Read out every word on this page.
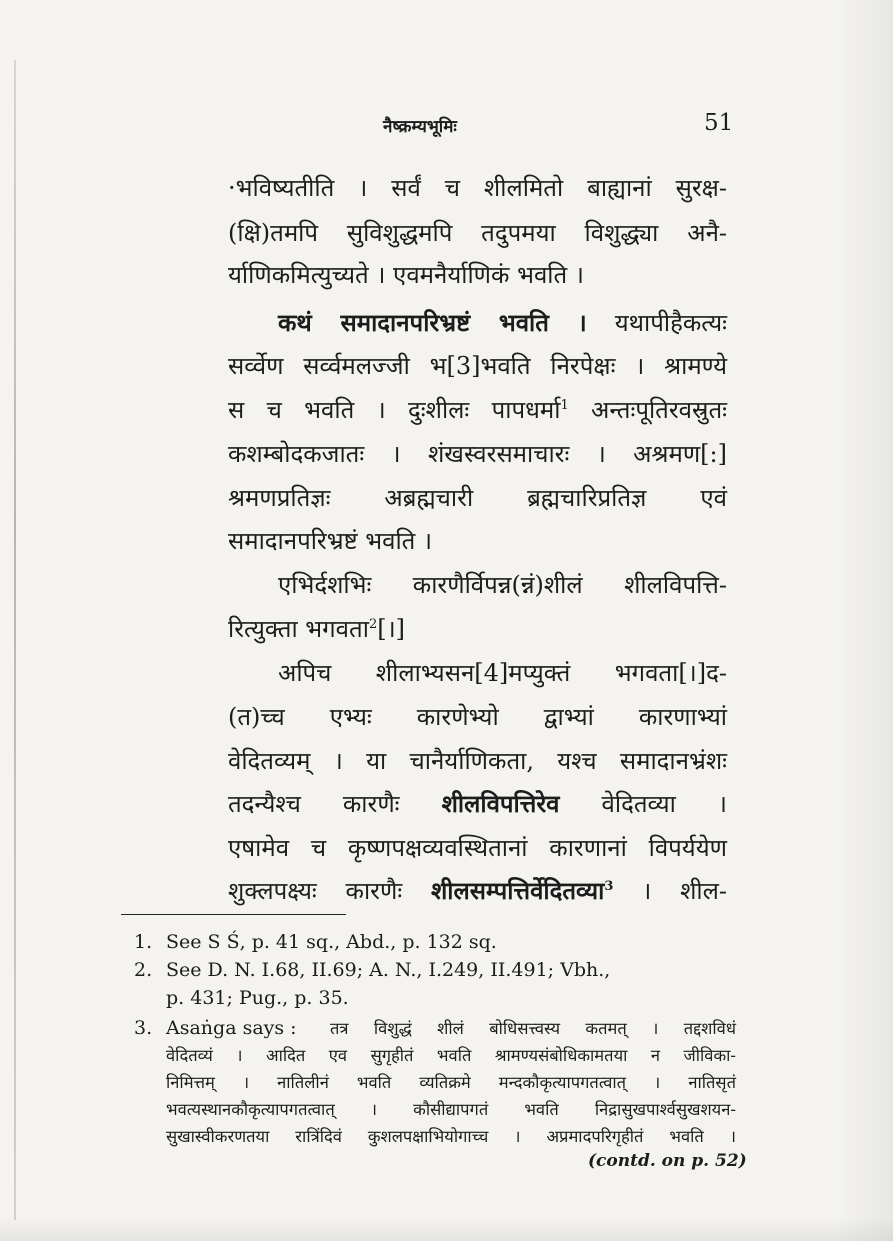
नैष्क्रम्यभूमिः	51
·भविष्यतीति । सर्वं च शीलमितो बाह्यानां सुरक्ष-
(क्षि)तमपि सुविशुद्धमपि तदुपमया विशुद्ध्या अनै-
र्याणिकमित्युच्यते । एवमनैर्याणिकं भवति ।
कथं समादानपरिभ्रष्टं भवति । यथापीहैकत्यः
सर्व्वेण सर्व्वमलज्जी भ[3]भवति निरपेक्षः । श्रामण्ये
स च भवति । दुःशीलः पापधर्मा$^1$ अन्तःपूतिरवस्रुतः
कशम्बोदकजातः । शंखस्वरसमाचारः । अश्रमण[:]
श्रमणप्रतिज्ञः अब्रह्मचारी ब्रह्मचारिप्रतिज्ञ एवं
समादानपरिभ्रष्टं भवति ।
एभिर्दशभिः कारणैर्विपन्न(न्नं)शीलं शीलविपत्ति-
रित्युक्ता भगवता$^2$[।]
अपिच शीलाभ्यसन[4]मप्युक्तं भगवता[।]द-
(त)च्च एभ्यः कारणेभ्यो द्वाभ्यां कारणाभ्यां
वेदितव्यम् । या चानैर्याणिकता, यश्च समादानभ्रंशः
तदन्यैश्च कारणैः शीलविपत्तिरेव वेदितव्या ।
एषामेव च कृष्णपक्षव्यवस्थितानां कारणानां विपर्ययेण
शुक्लपक्ष्यः कारणैः शीलसम्पत्तिर्वेदितव्या$^3$ । शील-
1. See S Ś, p. 41 sq., Abd., p. 132 sq.
2. See D. N. I.68, II.69; A. N., I.249, II.491; Vbh.,
p. 431; Pug., p. 35.
3. Asaṅga says :	तत्र विशुद्धं शीलं बोधिसत्त्वस्य कतमत् । तद्दशविधं
वेदितव्यं । आदित एव सुगृहीतं भवति श्रामण्यसंबोधिकामतया न जीविका-
निमित्तम् । नातिलीनं भवति व्यतिक्रमे मन्दकौकृत्यापगतत्वात् । नातिसृतं
भवत्यस्थानकौकृत्यापगतत्वात् । कौसीद्यापगतं भवति निद्रासुखपार्श्वसुखशयन-
सुखास्वीकरणतया रात्रिंदिवं कुशलपक्षाभियोगाच्च । अप्रमादपरिगृहीतं भवति ।
(contd. on p. 52)
